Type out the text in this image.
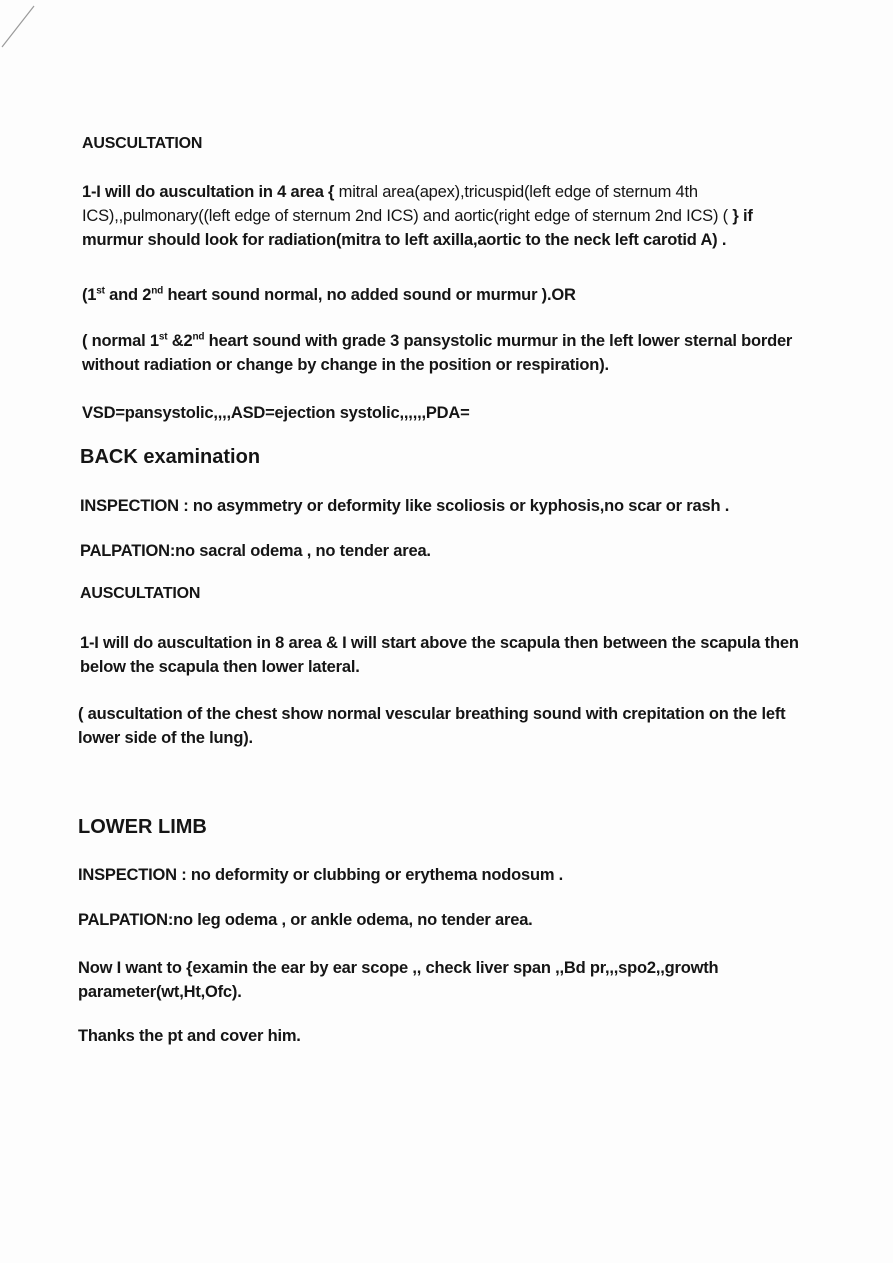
AUSCULTATION
1-I will do auscultation in 4 area { mitral area(apex),tricuspid(left edge of sternum 4th
ICS),,pulmonary((left edge of sternum 2nd ICS) and aortic(right edge of sternum 2nd ICS) ( } if
murmur should look for radiation(mitra to left axilla,aortic to the neck left carotid A) .
(1st and 2nd heart sound normal, no added sound or murmur ).OR
( normal 1st &2nd heart sound with grade 3 pansystolic murmur in the left lower sternal border
without radiation or change by change in the position or respiration).
VSD=pansystolic,,,,ASD=ejection systolic,,,,,,PDA=
BACK examination
INSPECTION : no asymmetry or deformity like scoliosis or kyphosis,no scar or rash .
PALPATION:no sacral odema , no tender area.
AUSCULTATION
1-I will do auscultation in 8 area & I will start above the scapula then between the scapula then
below the scapula then lower lateral.
( auscultation of the chest show normal vescular breathing sound with crepitation on the left
lower side of the lung).
LOWER LIMB
INSPECTION : no deformity or clubbing or erythema nodosum .
PALPATION:no leg odema , or ankle odema, no tender area.
Now I want to {examin the ear by ear scope ,, check liver span ,,Bd pr,,,spo2,,growth
parameter(wt,Ht,Ofc).
Thanks the pt and cover him.
